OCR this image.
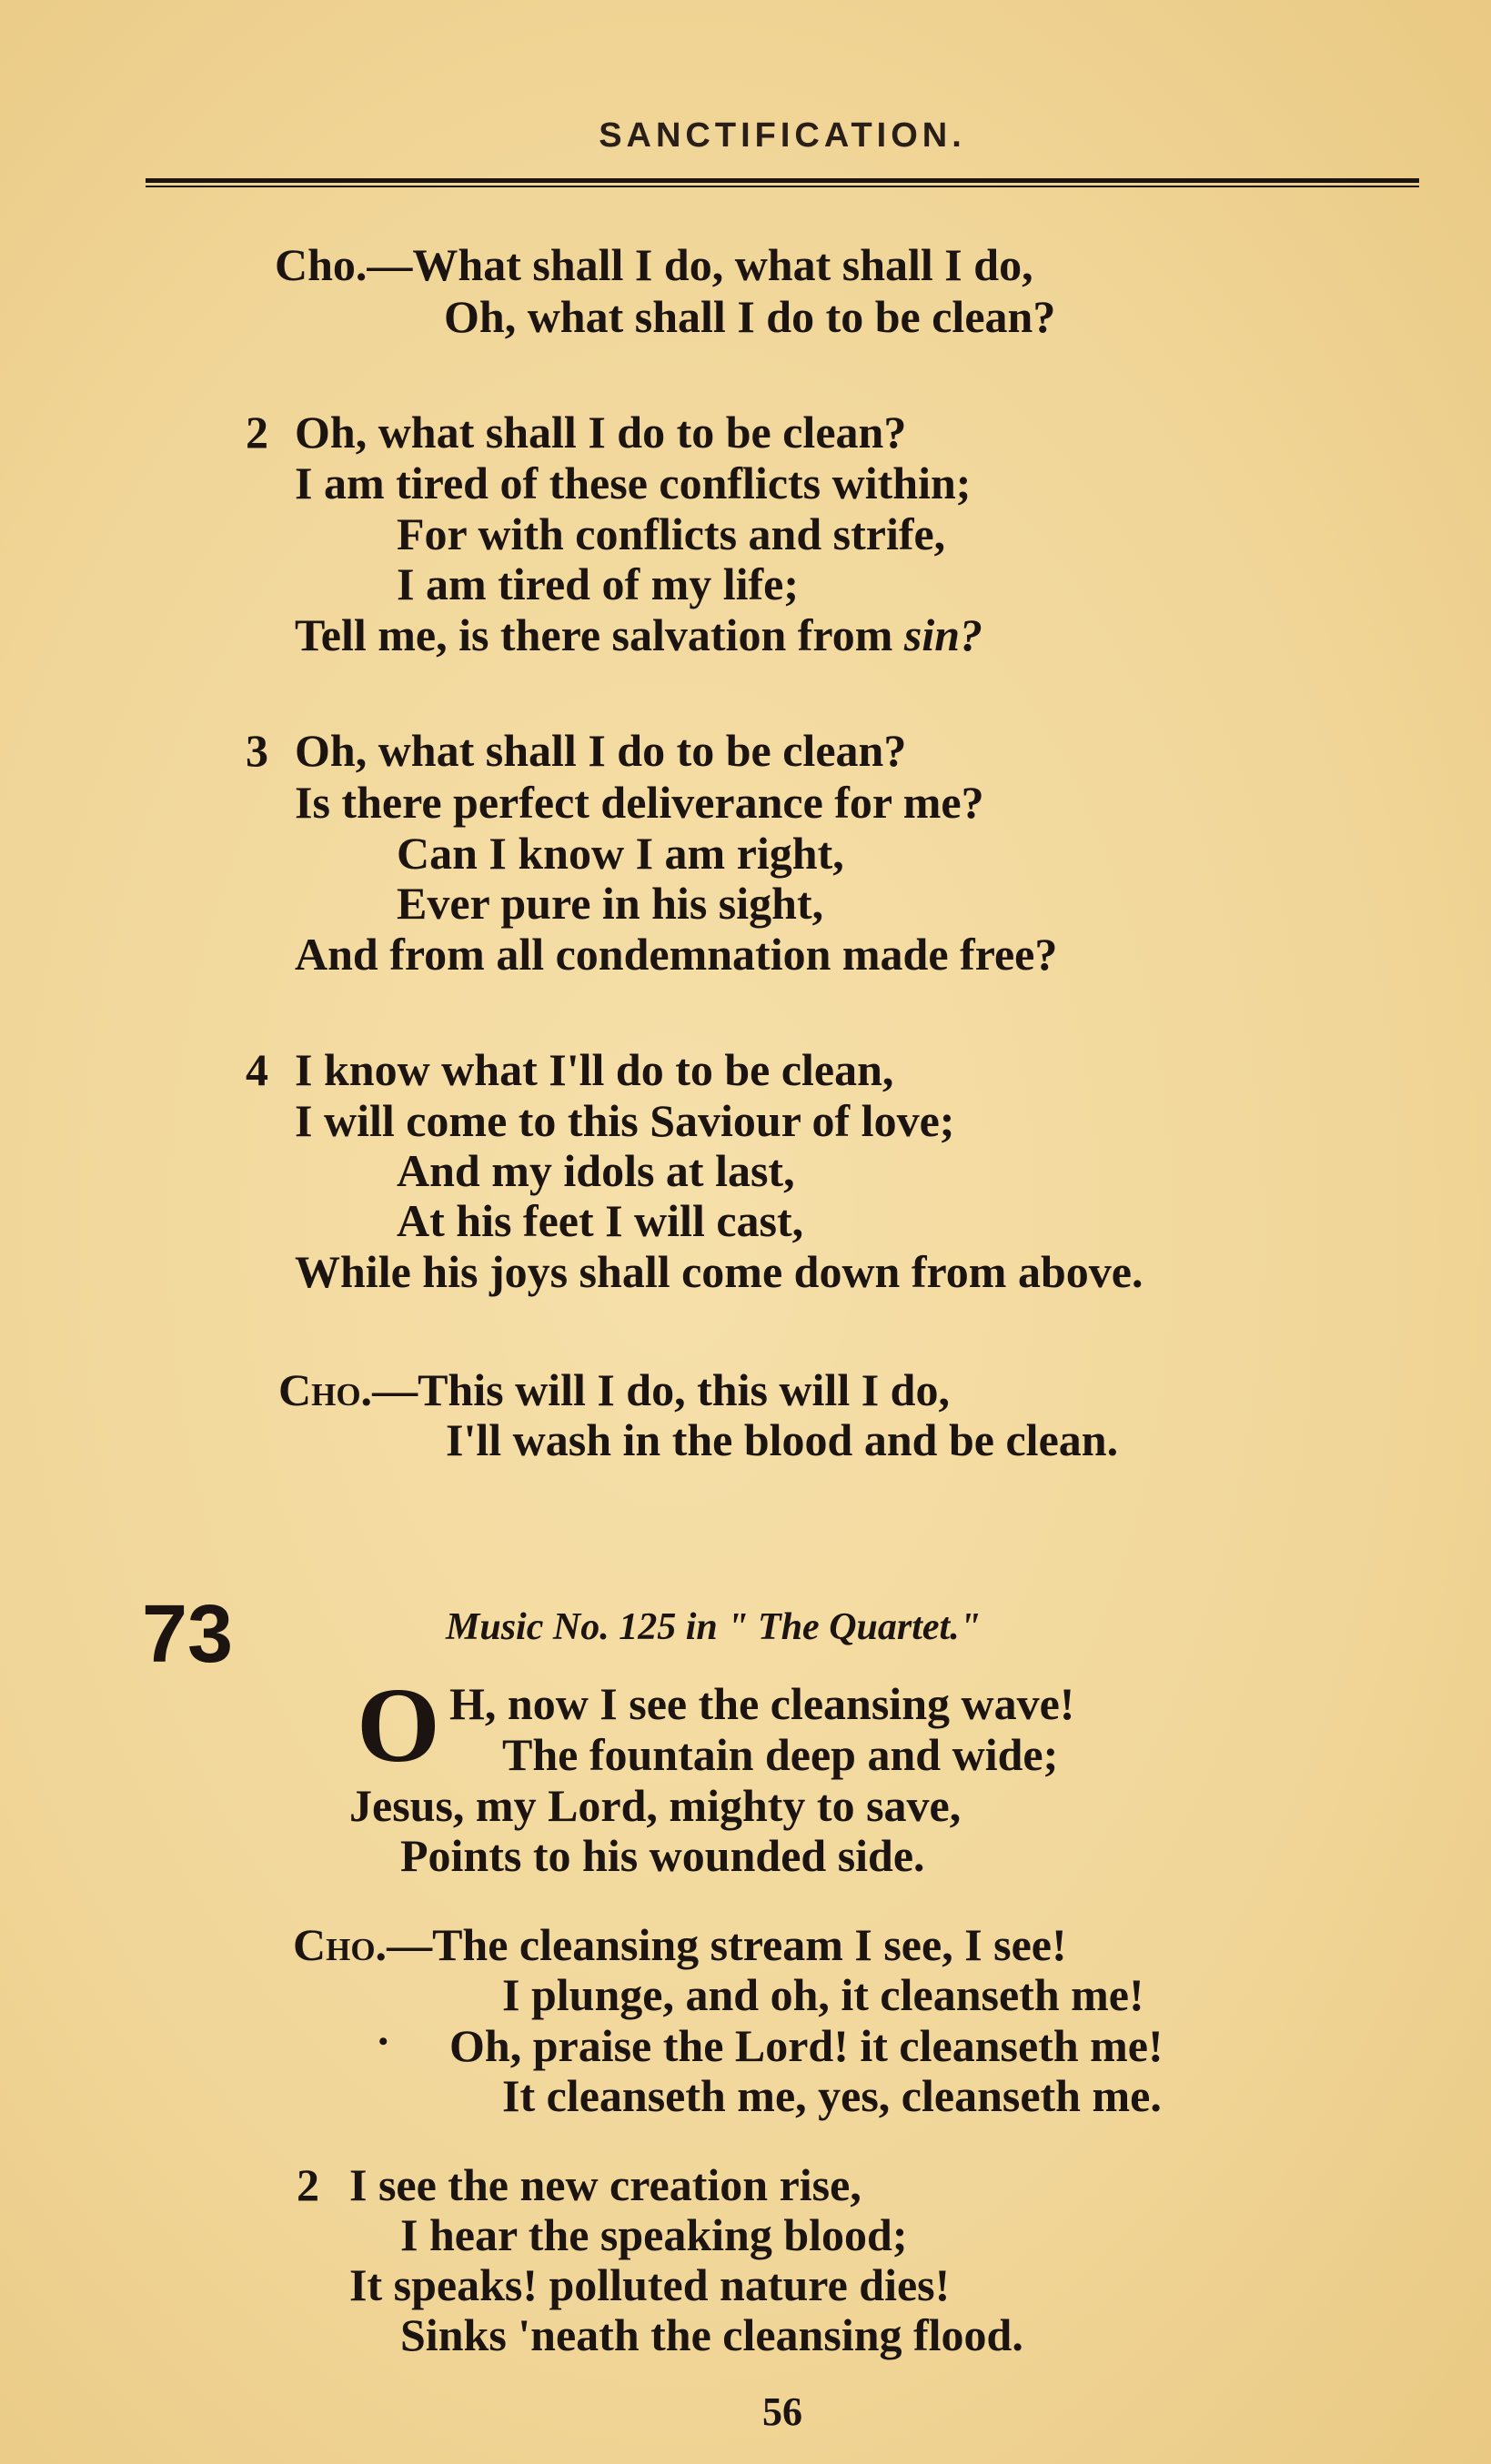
SANCTIFICATION.
Cho.—What shall I do, what shall I do,
Oh, what shall I do to be clean?
2 Oh, what shall I do to be clean?
I am tired of these conflicts within;
For with conflicts and strife,
I am tired of my life;
Tell me, is there salvation from sin?
3 Oh, what shall I do to be clean?
Is there perfect deliverance for me?
Can I know I am right,
Ever pure in his sight,
And from all condemnation made free?
4 I know what I'll do to be clean,
I will come to this Saviour of love;
And my idols at last,
At his feet I will cast,
While his joys shall come down from above.
Cho.—This will I do, this will I do,
I'll wash in the blood and be clean.
73	Music No. 125 in " The Quartet."
O H, now I see the cleansing wave!
The fountain deep and wide;
Jesus, my Lord, mighty to save,
Points to his wounded side.
Cho.—The cleansing stream I see, I see!
I plunge, and oh, it cleanseth me!
• Oh, praise the Lord! it cleanseth me!
It cleanseth me, yes, cleanseth me.
2 I see the new creation rise,
I hear the speaking blood;
It speaks! polluted nature dies!
Sinks 'neath the cleansing flood.
56
